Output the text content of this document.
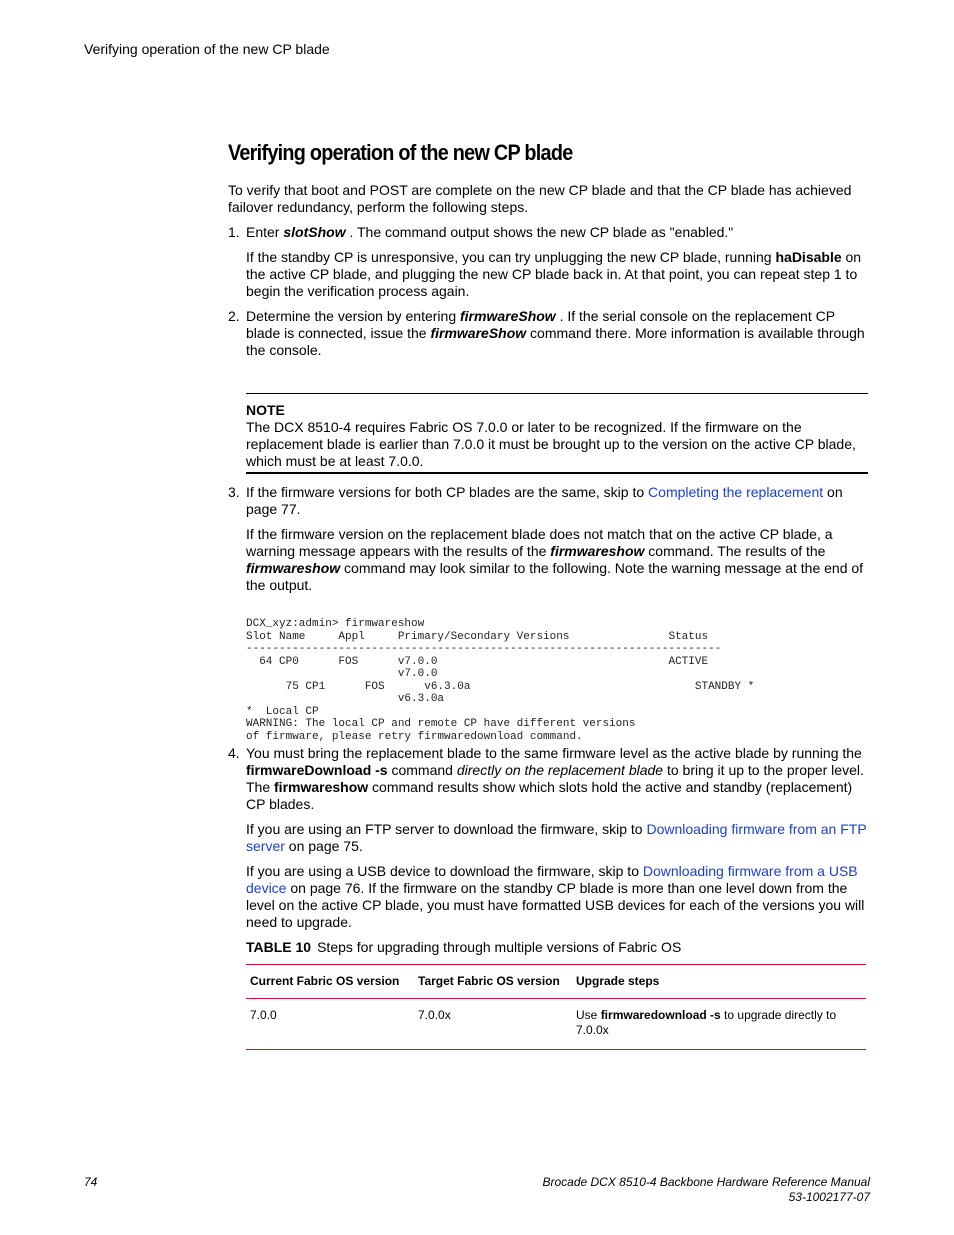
Verifying operation of the new CP blade
Verifying operation of the new CP blade

To verify that boot and POST are complete on the new CP blade and that the CP blade has achieved failover redundancy, perform the following steps.

1. Enter slotShow . The command output shows the new CP blade as "enabled."

If the standby CP is unresponsive, you can try unplugging the new CP blade, running haDisable on the active CP blade, and plugging the new CP blade back in. At that point, you can repeat step 1 to begin the verification process again.

2. Determine the version by entering firmwareShow . If the serial console on the replacement CP blade is connected, issue the firmwareShow command there. More information is available through the console.

NOTE

The DCX 8510-4 requires Fabric OS 7.0.0 or later to be recognized. If the firmware on the replacement blade is earlier than 7.0.0 it must be brought up to the version on the active CP blade, which must be at least 7.0.0.

3. If the firmware versions for both CP blades are the same, skip to Completing the replacement on page 77.

If the firmware version on the replacement blade does not match that on the active CP blade, a warning message appears with the results of the firmwareshow command. The results of the firmwareshow command may look similar to the following. Note the warning message at the end of the output.

DCX_xyz:admin> firmwareshow
Slot Name     Appl     Primary/Secondary Versions               Status
------------------------------------------------------------------------
64 CP0      FOS      v7.0.0                                   ACTIVE
v7.0.0
75 CP1      FOS      v6.3.0a                                  STANDBY *
v6.3.0a
*  Local CP
WARNING: The local CP and remote CP have different versions
of firmware, please retry firmwaredownload command.
4. You must bring the replacement blade to the same firmware level as the active blade by running the firmwareDownload -s command directly on the replacement blade to bring it up to the proper level. The firmwareshow command results show which slots hold the active and standby (replacement) CP blades.

If you are using an FTP server to download the firmware, skip to Downloading firmware from an FTP server on page 75.

If you are using a USB device to download the firmware, skip to Downloading firmware from a USB device on page 76. If the firmware on the standby CP blade is more than one level down from the level on the active CP blade, you must have formatted USB devices for each of the versions you will need to upgrade.

TABLE 10 Steps for upgrading through multiple versions of Fabric OS

Current Fabric OS version	Target Fabric OS version	Upgrade steps
7.0.0	7.0.0x	Use firmwaredownload -s to upgrade directly to 7.0.0x
74	Brocade DCX 8510-4 Backbone Hardware Reference Manual
53-1002177-07
